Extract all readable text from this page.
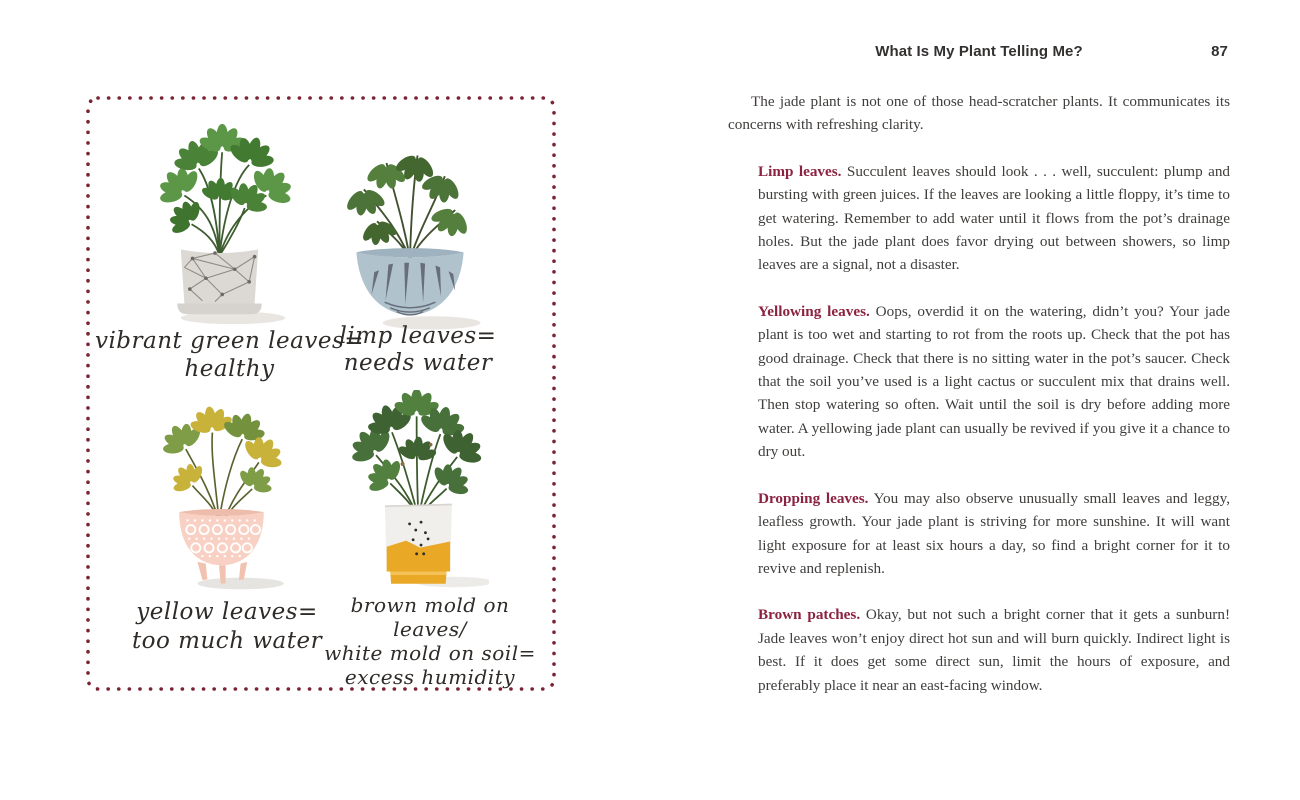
vibrant green leaves=
healthy
limp leaves=
needs water
yellow leaves=
too much water
brown mold on leaves/
white mold on soil=
excess humidity
What Is My Plant Telling Me?	87

The jade plant is not one of those head-scratcher plants. It communicates its concerns with refreshing clarity.

Limp leaves. Succulent leaves should look . . . well, succulent: plump and bursting with green juices. If the leaves are looking a little floppy, it’s time to get watering. Remember to add water until it flows from the pot’s drainage holes. But the jade plant does favor drying out between showers, so limp leaves are a signal, not a disaster.

Yellowing leaves. Oops, overdid it on the watering, didn’t you? Your jade plant is too wet and starting to rot from the roots up. Check that the pot has good drainage. Check that there is no sitting water in the pot’s saucer. Check that the soil you’ve used is a light cactus or succulent mix that drains well. Then stop watering so often. Wait until the soil is dry before adding more water. A yellowing jade plant can usually be revived if you give it a chance to dry out.

Dropping leaves. You may also observe unusually small leaves and leggy, leafless growth. Your jade plant is striving for more sunshine. It will want light exposure for at least six hours a day, so find a bright corner for it to revive and replenish.

Brown patches. Okay, but not such a bright corner that it gets a sunburn! Jade leaves won’t enjoy direct hot sun and will burn quickly. Indirect light is best. If it does get some direct sun, limit the hours of exposure, and preferably place it near an east-facing window.
